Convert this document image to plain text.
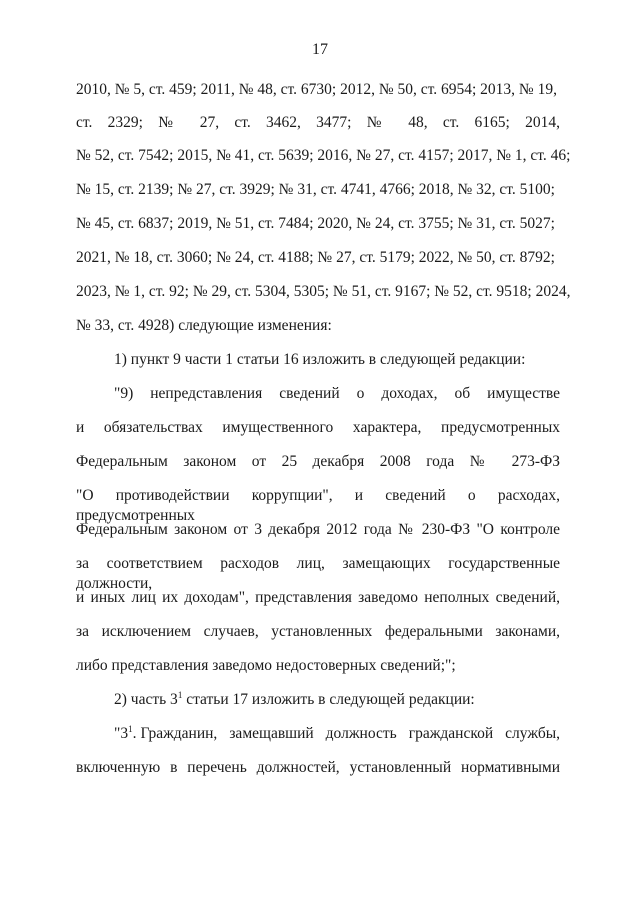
17
2010, № 5, ст. 459; 2011, № 48, ст. 6730; 2012, № 50, ст. 6954; 2013, № 19,
ст. 2329; № 27, ст. 3462, 3477; № 48, ст. 6165; 2014,
№ 52, ст. 7542; 2015, № 41, ст. 5639; 2016, № 27, ст. 4157; 2017, № 1, ст. 46;
№ 15, ст. 2139; № 27, ст. 3929; № 31, ст. 4741, 4766; 2018, № 32, ст. 5100;
№ 45, ст. 6837; 2019, № 51, ст. 7484; 2020, № 24, ст. 3755; № 31, ст. 5027;
2021, № 18, ст. 3060; № 24, ст. 4188; № 27, ст. 5179; 2022, № 50, ст. 8792;
2023, № 1, ст. 92; № 29, ст. 5304, 5305; № 51, ст. 9167; № 52, ст. 9518; 2024,
№ 33, ст. 4928) следующие изменения:
1) пункт 9 части 1 статьи 16 изложить в следующей редакции:
"9) непредставления сведений о доходах, об имуществе
и обязательствах имущественного характера, предусмотренных
Федеральным законом от 25 декабря 2008 года № 273-ФЗ
"О противодействии коррупции", и сведений о расходах, предусмотренных
Федеральным законом от 3 декабря 2012 года № 230-ФЗ "О контроле
за соответствием расходов лиц, замещающих государственные должности,
и иных лиц их доходам", представления заведомо неполных сведений,
за исключением случаев, установленных федеральными законами,
либо представления заведомо недостоверных сведений;";
2) часть $3^1$ статьи 17 изложить в следующей редакции:
"$3^1$. Гражданин, замещавший должность гражданской службы,
включенную в перечень должностей, установленный нормативными
